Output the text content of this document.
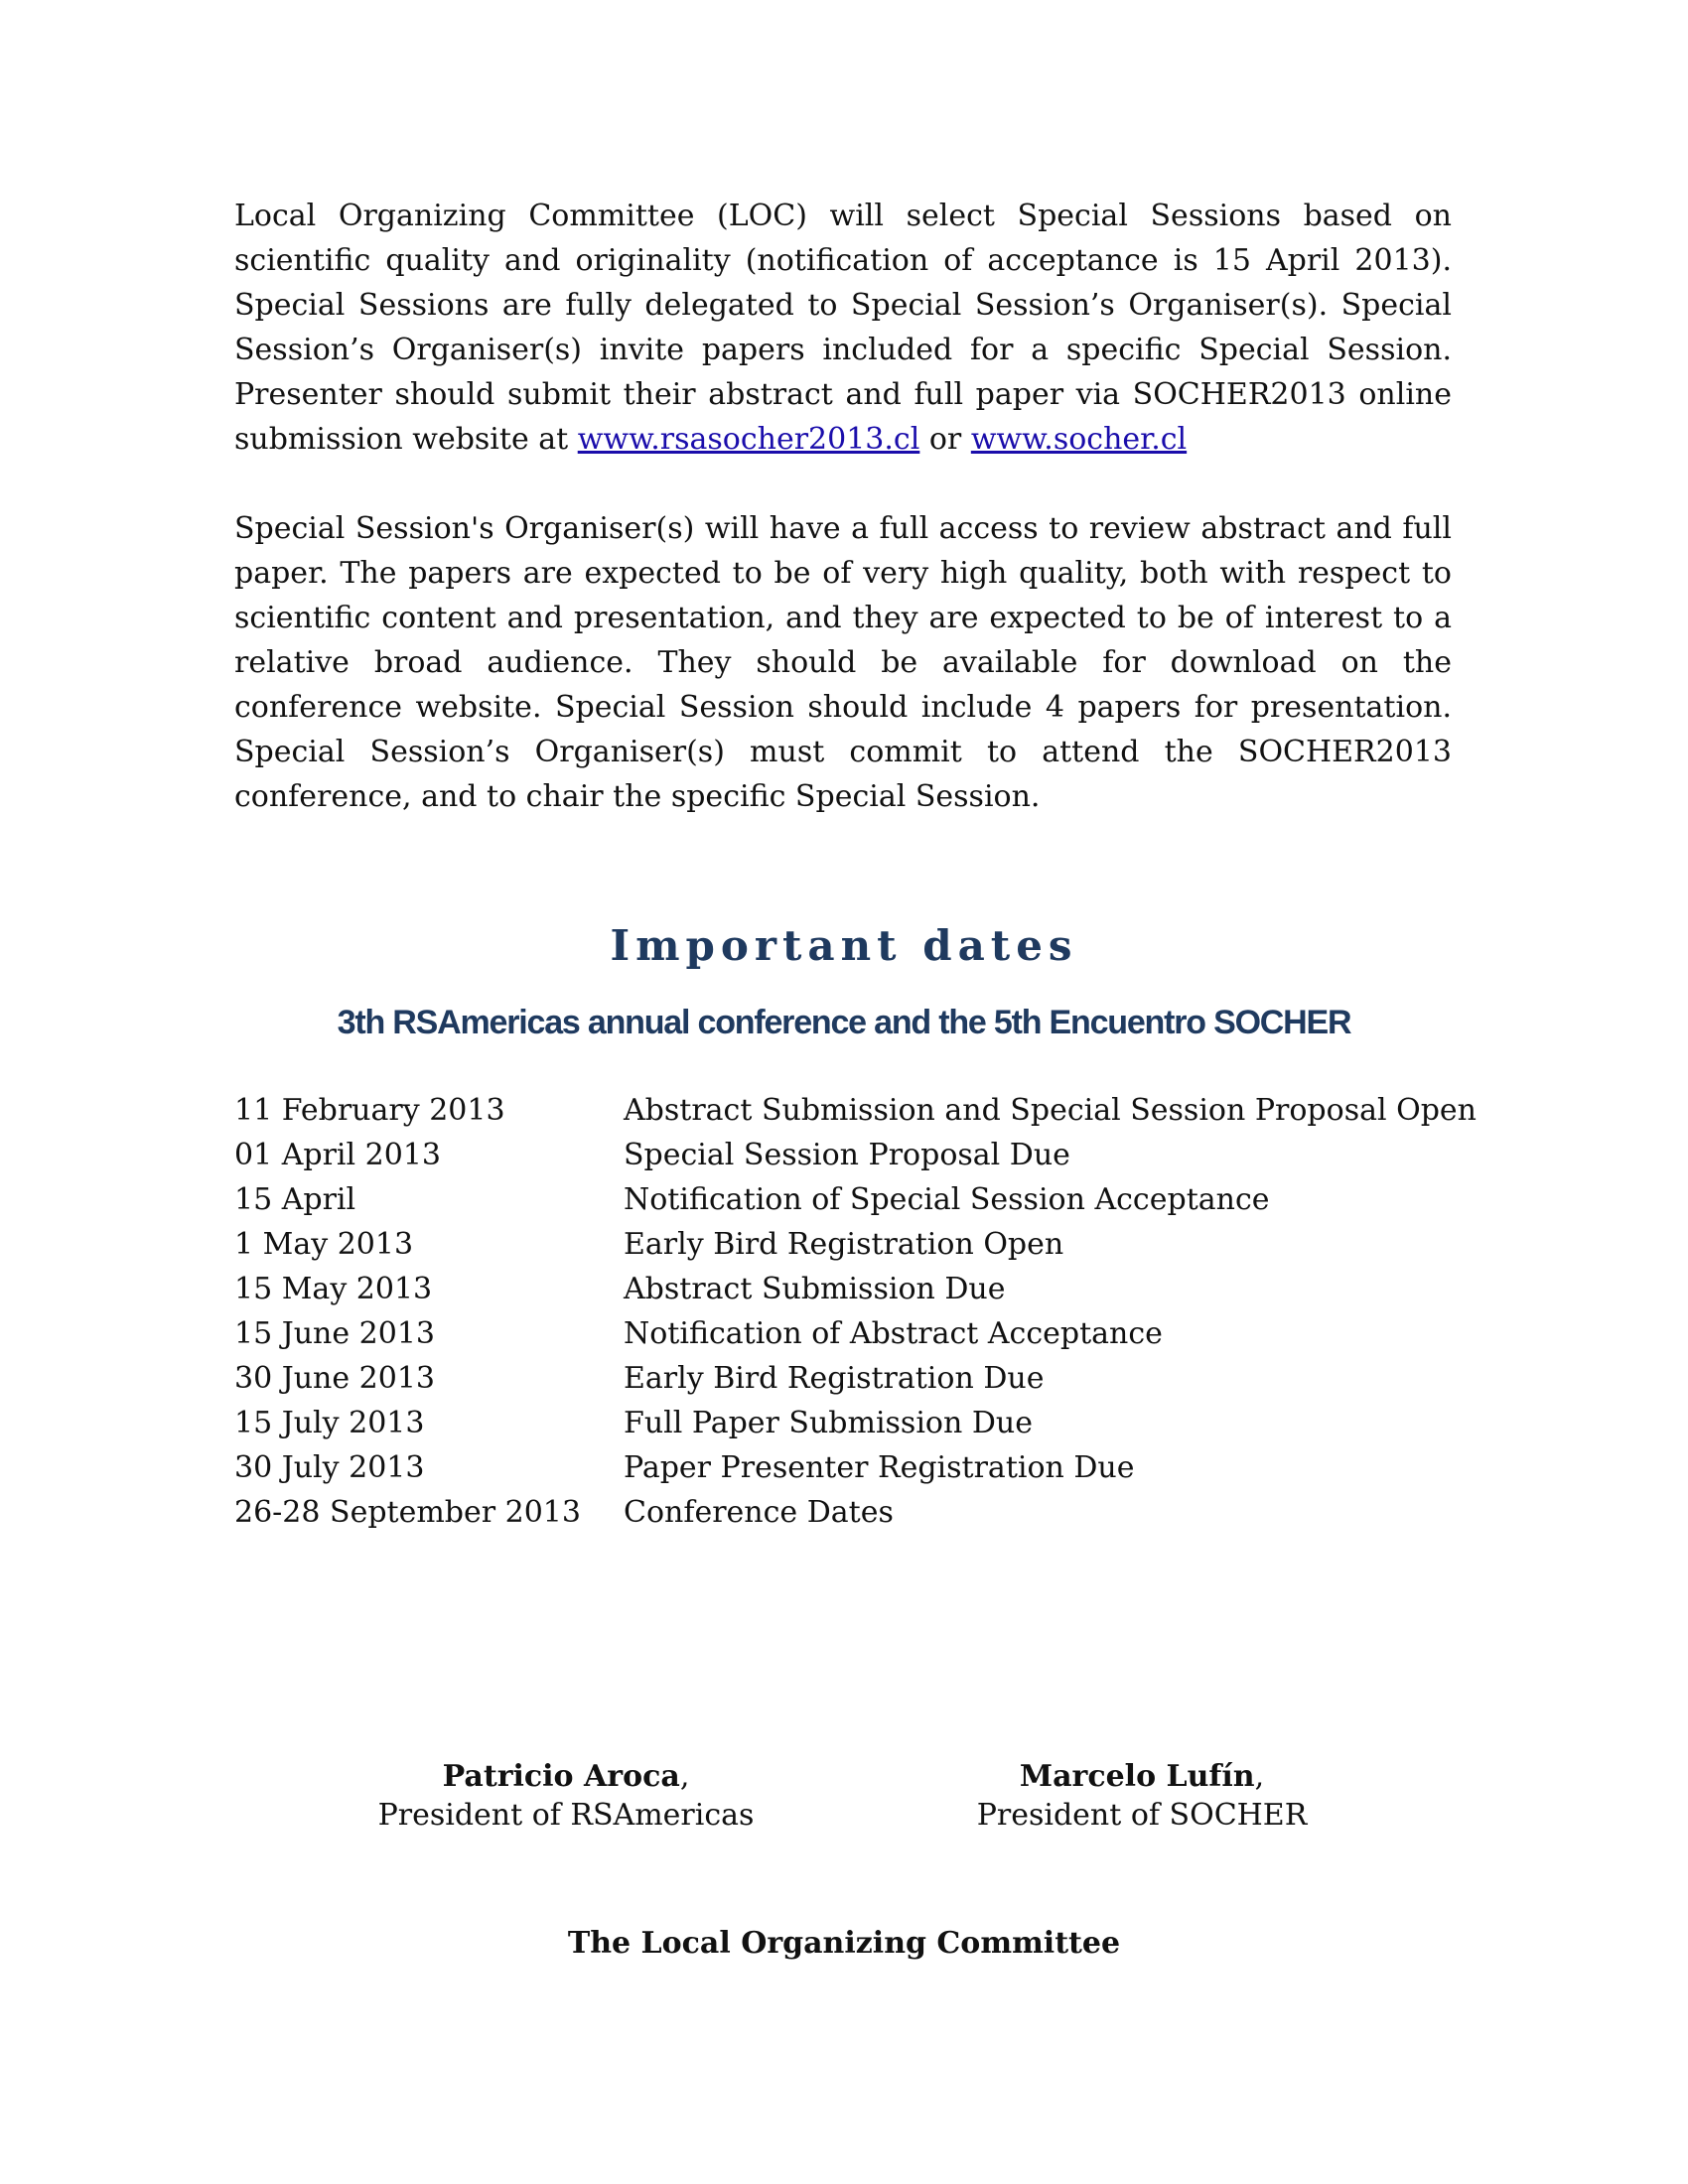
Local Organizing Committee (LOC) will select Special Sessions based on scientific quality and originality (notification of acceptance is 15 April 2013). Special Sessions are fully delegated to Special Session’s Organiser(s). Special Session’s Organiser(s) invite papers included for a specific Special Session. Presenter should submit their abstract and full paper via SOCHER2013 online submission website at www.rsasocher2013.cl or www.socher.cl

Special Session's Organiser(s) will have a full access to review abstract and full paper. The papers are expected to be of very high quality, both with respect to scientific content and presentation, and they are expected to be of interest to a relative broad audience. They should be available for download on the conference website. Special Session should include 4 papers for presentation. Special Session’s Organiser(s) must commit to attend the SOCHER2013 conference, and to chair the specific Special Session.

Important dates
3th RSAmericas annual conference and the 5th Encuentro SOCHER
11 February 2013	Abstract Submission and Special Session Proposal Open
01 April 2013	Special Session Proposal Due
15 April	Notification of Special Session Acceptance
1 May 2013	Early Bird Registration Open
15 May 2013	Abstract Submission Due
15 June 2013	Notification of Abstract Acceptance
30 June 2013	Early Bird Registration Due
15 July 2013	Full Paper Submission Due
30 July 2013	Paper Presenter Registration Due
26-28 September 2013	Conference Dates
Patricio Aroca,
President of RSAmericas
Marcelo Lufín,
President of SOCHER
The Local Organizing Committee
